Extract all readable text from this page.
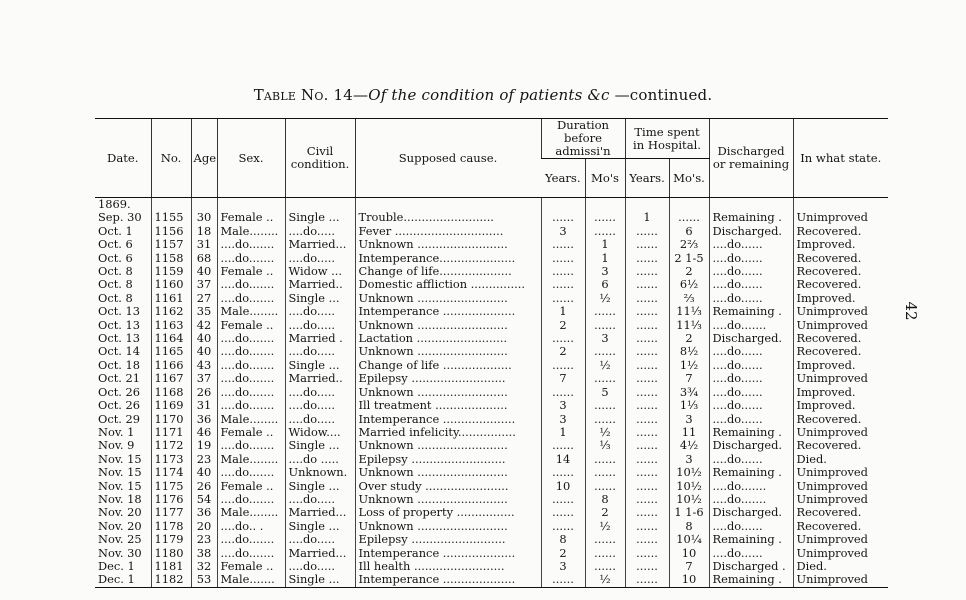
Table No. 14—Of the condition of patients &c —continued.
42
Date.	No.	Age	Sex.	Civil condition.	Supposed cause.	Duration before admissi'n		Time spent in Hospital.		Discharged or remaining	In what state.
						Years.	Mo's	Years.	Mo's.		
1869.											
Sep. 30	1155	30	Female ..	Single ...	Trouble.........................	......	......	1	......	Remaining .	Unimproved
Oct. 1	1156	18	Male........	....do.....	Fever ..............................	3	......	......	6	Discharged.	Recovered.
Oct. 6	1157	31	....do.......	Married...	Unknown .........................	......	1	......	2⅔	....do......	Improved.
Oct. 6	1158	68	....do.......	....do.....	Intemperance.....................	......	1	......	2 1-5	....do......	Recovered.
Oct. 8	1159	40	Female ..	Widow ...	Change of life....................	......	3	......	2	....do......	Recovered.
Oct. 8	1160	37	....do.......	Married..	Domestic affliction ...............	......	6	......	6½	....do......	Recovered.
Oct. 8	1161	27	....do.......	Single ...	Unknown .........................	......	½	......	⅔	....do......	Improved.
Oct. 13	1162	35	Male........	....do.....	Intemperance ....................	1	......	......	11⅓	Remaining .	Unimproved
Oct. 13	1163	42	Female ..	....do.....	Unknown .........................	2	......	......	11⅓	....do.......	Unimproved
Oct. 13	1164	40	....do.......	Married .	Lactation .........................	......	3	......	2	Discharged.	Recovered.
Oct. 14	1165	40	....do.......	....do.....	Unknown .........................	2	......	......	8½	....do......	Recovered.
Oct. 18	1166	43	....do.......	Single ...	Change of life ...................	......	½	......	1½	....do......	Improved.
Oct. 21	1167	37	....do.......	Married..	Epilepsy ..........................	7	......	......	7	....do......	Unimproved
Oct. 26	1168	26	....do.......	....do.....	Unknown .........................	......	5	......	3¾	....do......	Improved.
Oct. 26	1169	31	....do.......	....do.....	Ill treatment ....................	3	......	......	1⅓	....do......	Improved.
Oct. 29	1170	36	Male........	....do.....	Intemperance ....................	3	......	......	3	....do......	Recovered.
Nov. 1	1171	46	Female ..	Widow....	Married infelicity................	1	½	......	11	Remaining .	Unimproved
Nov. 9	1172	19	....do.......	Single ...	Unknown .........................	......	⅓	......	4½	Discharged.	Recovered.
Nov. 15	1173	23	Male........	....do .....	Epilepsy ..........................	14	......	......	3	....do......	Died.
Nov. 15	1174	40	....do.......	Unknown.	Unknown .........................	......	......	......	10½	Remaining .	Unimproved
Nov. 15	1175	26	Female ..	Single ...	Over study .......................	10	......	......	10½	....do.......	Unimproved
Nov. 18	1176	54	....do.......	....do.....	Unknown .........................	......	8	......	10½	....do.......	Unimproved
Nov. 20	1177	36	Male........	Married...	Loss of property ................	......	2	......	1 1-6	Discharged.	Recovered.
Nov. 20	1178	20	....do.. .	Single ...	Unknown .........................	......	½	......	8	....do......	Recovered.
Nov. 25	1179	23	....do.......	....do.....	Epilepsy ..........................	8	......	......	10¼	Remaining .	Unimproved
Nov. 30	1180	38	....do.......	Married...	Intemperance ....................	2	......	......	10	....do......	Unimproved
Dec. 1	1181	32	Female ..	....do.....	Ill health .........................	3	......	......	7	Discharged .	Died.
Dec. 1	1182	53	Male.......	Single ...	Intemperance ....................	......	½	......	10	Remaining .	Unimproved
